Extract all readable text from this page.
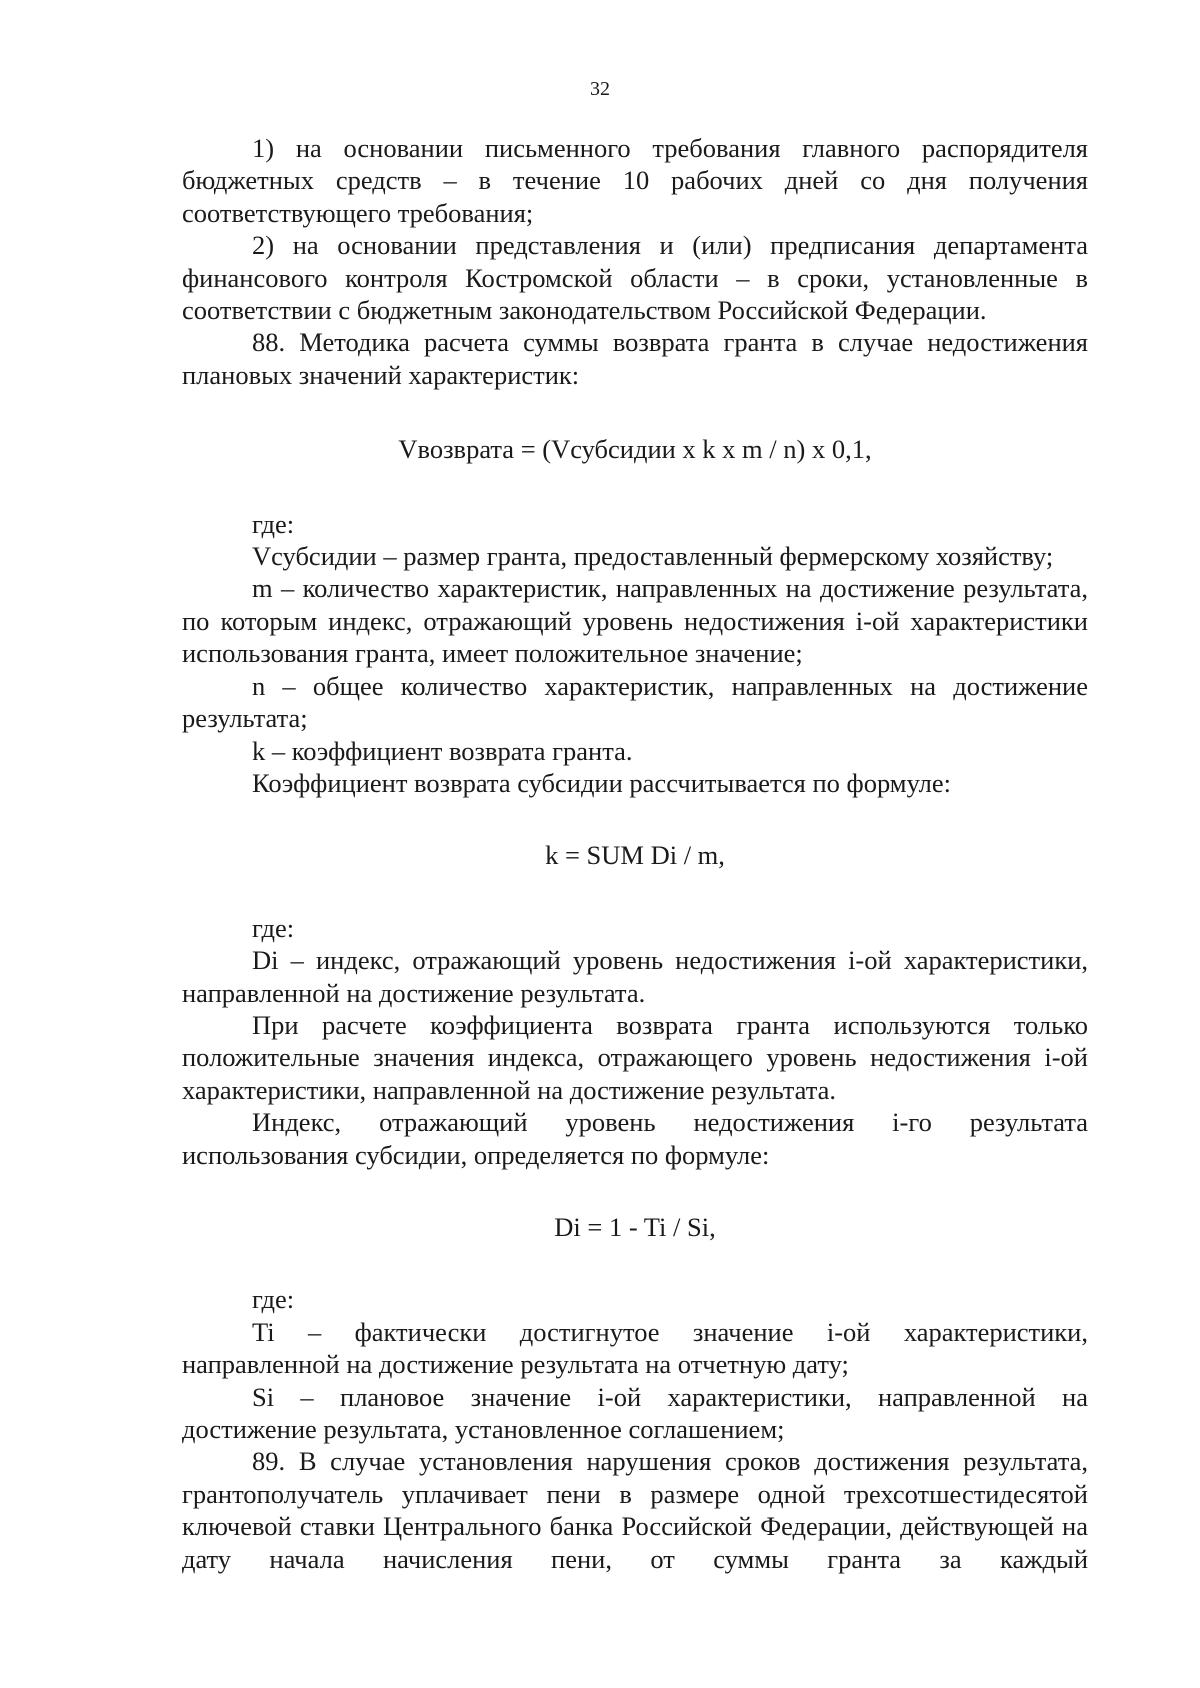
32

1) на основании письменного требования главного распорядителя бюджетных средств – в течение 10 рабочих дней со дня получения соответствующего требования;

2) на основании представления и (или) предписания департамента финансового контроля Костромской области – в сроки, установленные в соответствии с бюджетным законодательством Российской Федерации.

88. Методика расчета суммы возврата гранта в случае недостижения плановых значений характеристик:

Vвозврата = (Vсубсидии x k x m / n) x 0,1,

где:

Vсубсидии – размер гранта, предоставленный фермерскому хозяйству;

m – количество характеристик, направленных на достижение результата, по которым индекс, отражающий уровень недостижения i-ой характеристики использования гранта, имеет положительное значение;

n – общее количество характеристик, направленных на достижение результата;

k – коэффициент возврата гранта.

Коэффициент возврата субсидии рассчитывается по формуле:

k = SUM Di / m,

где:

Di – индекс, отражающий уровень недостижения i-ой характеристики, направленной на достижение результата.

При расчете коэффициента возврата гранта используются только положительные значения индекса, отражающего уровень недостижения i-ой характеристики, направленной на достижение результата.

Индекс, отражающий уровень недостижения i-го результата использования субсидии, определяется по формуле:

Di = 1 - Ti / Si,

где:

Ti – фактически достигнутое значение i-ой характеристики, направленной на достижение результата на отчетную дату;

Si – плановое значение i-ой характеристики, направленной на достижение результата, установленное соглашением;

89. В случае установления нарушения сроков достижения результата, грантополучатель уплачивает пени в размере одной трехсотшестидесятой ключевой ставки Центрального банка Российской Федерации, действующей на дату начала начисления пени, от суммы гранта за каждый
